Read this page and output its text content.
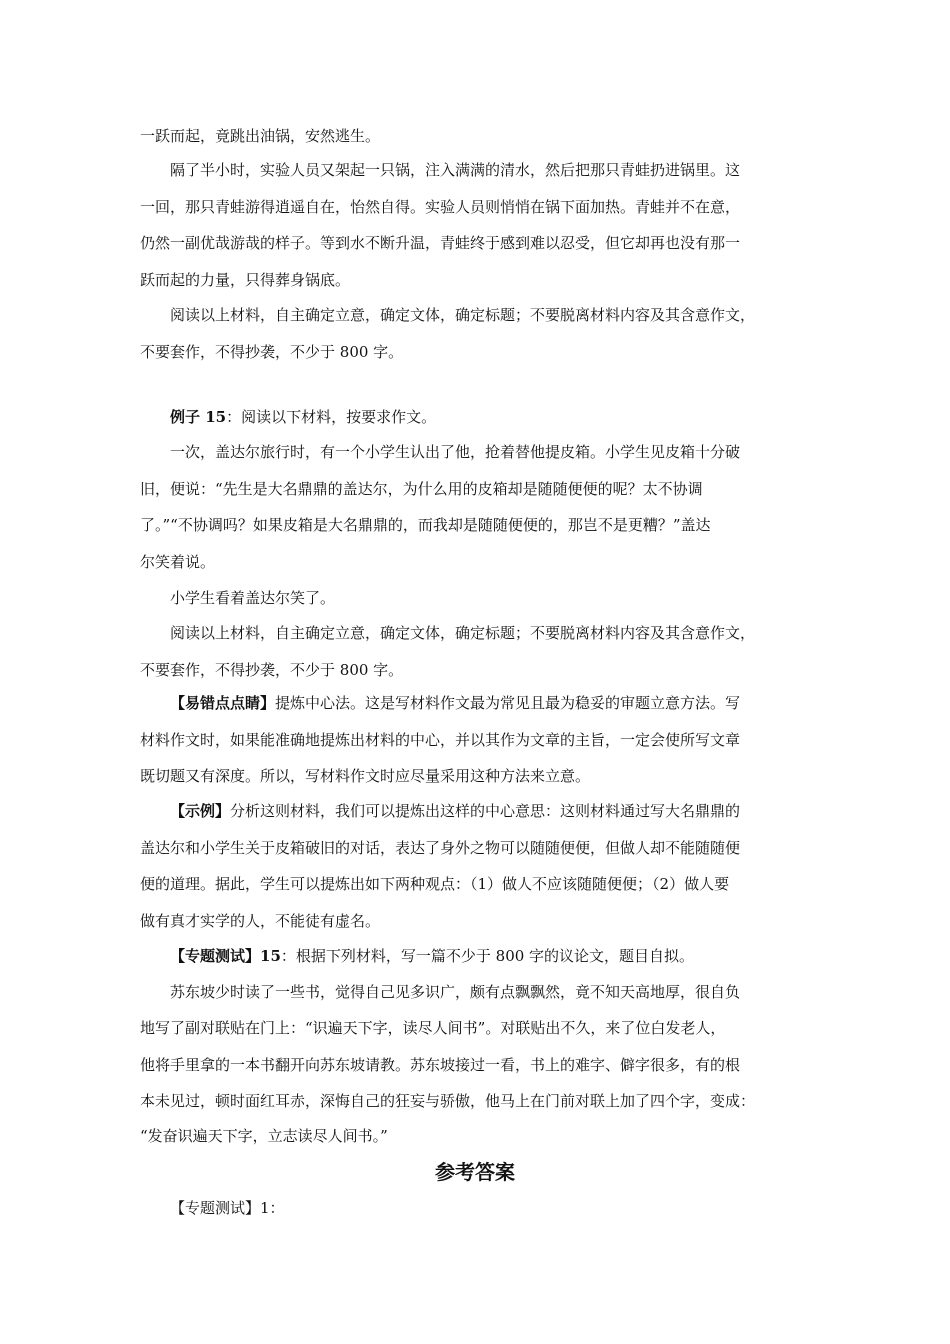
一跃而起，竟跳出油锅，安然逃生。
隔了半小时，实验人员又架起一只锅，注入满满的清水，然后把那只青蛙扔进锅里。这
一回，那只青蛙游得逍遥自在，怡然自得。实验人员则悄悄在锅下面加热。青蛙并不在意，
仍然一副优哉游哉的样子。等到水不断升温，青蛙终于感到难以忍受，但它却再也没有那一
跃而起的力量，只得葬身锅底。
阅读以上材料，自主确定立意，确定文体，确定标题；不要脱离材料内容及其含意作文，
不要套作，不得抄袭，不少于 800 字。
例子 15：阅读以下材料，按要求作文。
一次，盖达尔旅行时，有一个小学生认出了他，抢着替他提皮箱。小学生见皮箱十分破
旧，便说：“先生是大名鼎鼎的盖达尔，为什么用的皮箱却是随随便便的呢？太不协调
了。”“不协调吗？如果皮箱是大名鼎鼎的，而我却是随随便便的，那岂不是更糟？”盖达
尔笑着说。
小学生看着盖达尔笑了。
阅读以上材料，自主确定立意，确定文体，确定标题；不要脱离材料内容及其含意作文，
不要套作，不得抄袭，不少于 800 字。
【易错点点睛】提炼中心法。这是写材料作文最为常见且最为稳妥的审题立意方法。写
材料作文时，如果能准确地提炼出材料的中心，并以其作为文章的主旨，一定会使所写文章
既切题又有深度。所以，写材料作文时应尽量采用这种方法来立意。
【示例】分析这则材料，我们可以提炼出这样的中心意思：这则材料通过写大名鼎鼎的
盖达尔和小学生关于皮箱破旧的对话，表达了身外之物可以随随便便，但做人却不能随随便
便的道理。据此，学生可以提炼出如下两种观点：（1）做人不应该随随便便；（2）做人要
做有真才实学的人，不能徒有虚名。
【专题测试】15：根据下列材料，写一篇不少于 800 字的议论文，题目自拟。
苏东坡少时读了一些书，觉得自己见多识广，颇有点飘飘然，竟不知天高地厚，很自负
地写了副对联贴在门上：“识遍天下字，读尽人间书”。对联贴出不久，来了位白发老人，
他将手里拿的一本书翻开向苏东坡请教。苏东坡接过一看，书上的难字、僻字很多，有的根
本未见过，顿时面红耳赤，深悔自己的狂妄与骄傲，他马上在门前对联上加了四个字，变成：
“发奋识遍天下字，立志读尽人间书。”
参考答案
【专题测试】1：
